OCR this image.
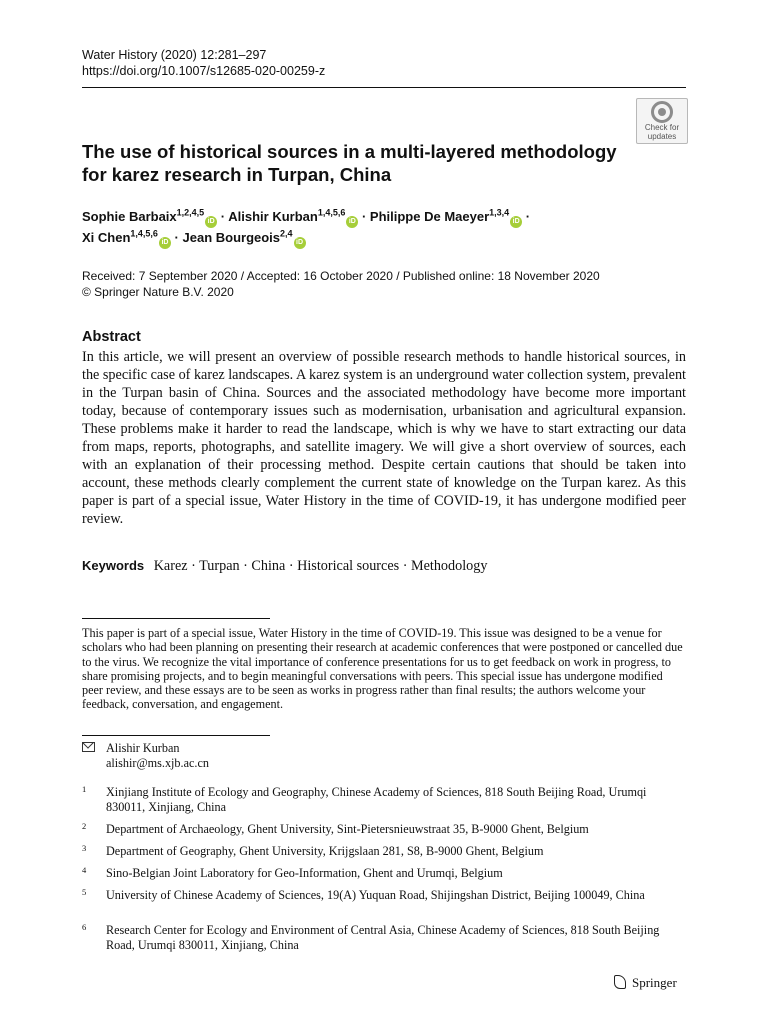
Water History (2020) 12:281–297
https://doi.org/10.1007/s12685-020-00259-z
Check for
updates
The use of historical sources in a multi-layered methodology for karez research in Turpan, China
Sophie Barbaix$^{1,2,4,5}$iD · Alishir Kurban$^{1,4,5,6}$iD · Philippe De Maeyer$^{1,3,4}$iD ·
Xi Chen$^{1,4,5,6}$iD · Jean Bourgeois$^{2,4}$iD
Received: 7 September 2020 / Accepted: 16 October 2020 / Published online: 18 November 2020
© Springer Nature B.V. 2020
Abstract
In this article, we will present an overview of possible research methods to handle historical sources, in the specific case of karez landscapes. A karez system is an underground water collection system, prevalent in the Turpan basin of China. Sources and the associated methodology have become more important today, because of contemporary issues such as modernisation, urbanisation and agricultural expansion. These problems make it harder to read the landscape, which is why we have to start extracting our data from maps, reports, photographs, and satellite imagery. We will give a short overview of sources, each with an explanation of their processing method. Despite certain cautions that should be taken into account, these methods clearly complement the current state of knowledge on the Turpan karez. As this paper is part of a special issue, Water History in the time of COVID-19, it has undergone modified peer review.
Keywords Karez · Turpan · China · Historical sources · Methodology
This paper is part of a special issue, Water History in the time of COVID-19. This issue was designed to be a venue for scholars who had been planning on presenting their research at academic conferences that were postponed or cancelled due to the virus. We recognize the vital importance of conference presentations for us to get feedback on work in progress, to share promising projects, and to begin meaningful conversations with peers. This special issue has undergone modified peer review, and these essays are to be seen as works in progress rather than final results; the authors welcome your feedback, conversation, and engagement.
Alishir Kurban
alishir@ms.xjb.ac.cn
1 Xinjiang Institute of Ecology and Geography, Chinese Academy of Sciences, 818 South Beijing Road, Urumqi 830011, Xinjiang, China
2 Department of Archaeology, Ghent University, Sint-Pietersnieuwstraat 35, B-9000 Ghent, Belgium
3 Department of Geography, Ghent University, Krijgslaan 281, S8, B-9000 Ghent, Belgium
4 Sino-Belgian Joint Laboratory for Geo-Information, Ghent and Urumqi, Belgium
5 University of Chinese Academy of Sciences, 19(A) Yuquan Road, Shijingshan District, Beijing 100049, China
6 Research Center for Ecology and Environment of Central Asia, Chinese Academy of Sciences, 818 South Beijing Road, Urumqi 830011, Xinjiang, China
Springer
